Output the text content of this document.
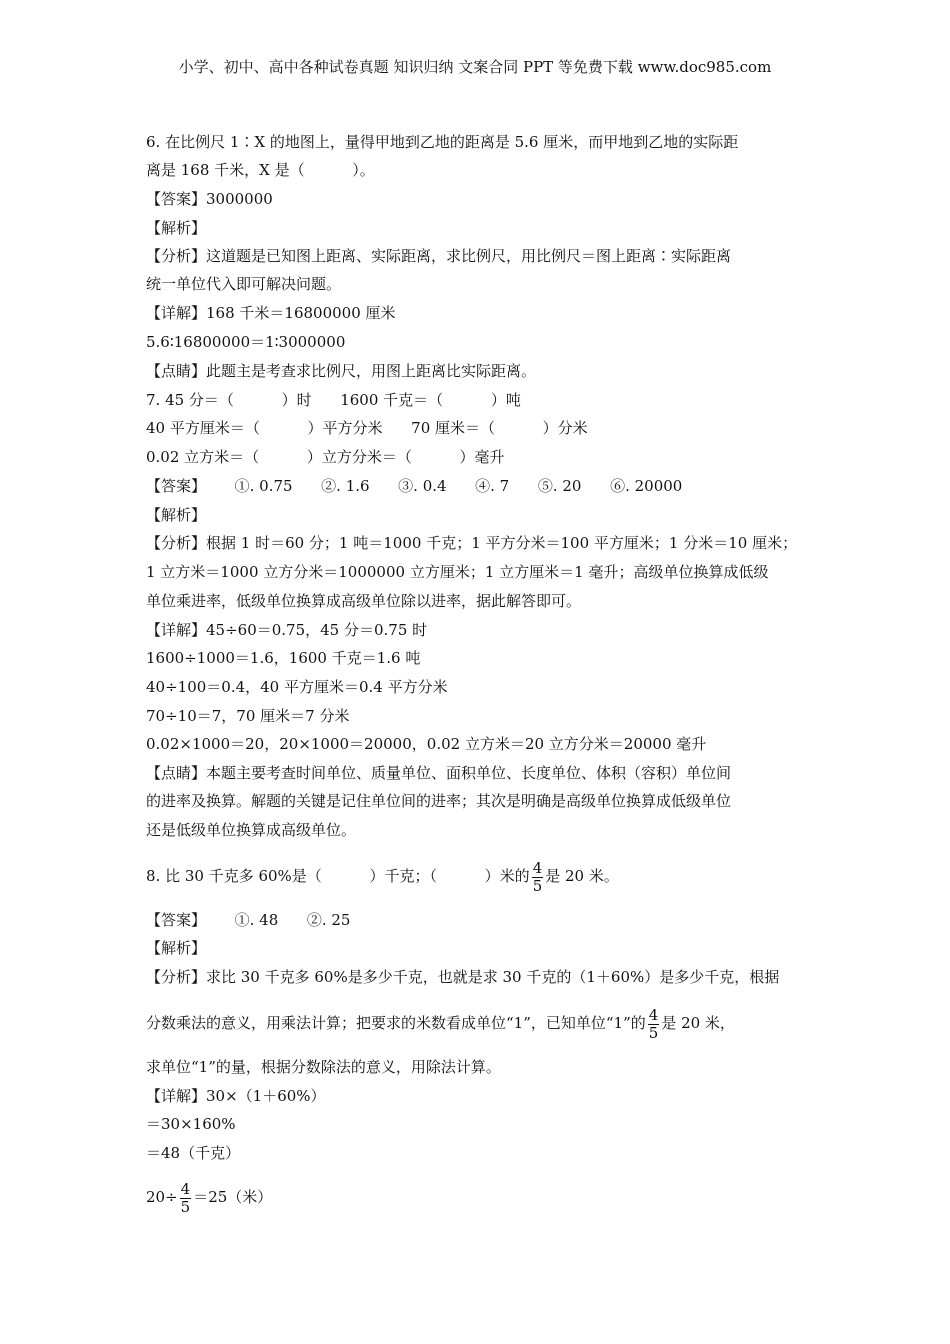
小学、初中、高中各种试卷真题 知识归纳 文案合同 PPT 等免费下载 www.doc985.com

6. 在比例尺 1∶X 的地图上，量得甲地到乙地的距离是 5.6 厘米，而甲地到乙地的实际距

离是 168 千米，X 是（          ）。

【答案】3000000

【解析】

【分析】这道题是已知图上距离、实际距离，求比例尺，用比例尺＝图上距离∶实际距离

统一单位代入即可解决问题。

【详解】168 千米＝16800000 厘米

5.6∶16800000＝1∶3000000

【点睛】此题主是考查求比例尺，用图上距离比实际距离。

7. 45 分＝（          ）时      1600 千克＝（          ）吨

40 平方厘米＝（          ）平方分米      70 厘米＝（          ）分米

0.02 立方米＝（          ）立方分米＝（          ）毫升

【答案】      ①. 0.75      ②. 1.6      ③. 0.4      ④. 7      ⑤. 20      ⑥. 20000

【解析】

【分析】根据 1 时＝60 分；1 吨＝1000 千克；1 平方分米＝100 平方厘米；1 分米＝10 厘米；

1 立方米＝1000 立方分米＝1000000 立方厘米；1 立方厘米＝1 毫升；高级单位换算成低级

单位乘进率，低级单位换算成高级单位除以进率，据此解答即可。

【详解】45÷60＝0.75，45 分＝0.75 时

1600÷1000＝1.6，1600 千克＝1.6 吨

40÷100＝0.4，40 平方厘米＝0.4 平方分米

70÷10＝7，70 厘米＝7 分米

0.02×1000＝20，20×1000＝20000，0.02 立方米＝20 立方分米＝20000 毫升

【点睛】本题主要考查时间单位、质量单位、面积单位、长度单位、体积（容积）单位间

的进率及换算。解题的关键是记住单位间的进率；其次是明确是高级单位换算成低级单位

还是低级单位换算成高级单位。

8. 比 30 千克多 60%是（          ）千克；（          ）米的 $\frac{4}{5}$ 是 20 米。

【答案】      ①. 48      ②. 25

【解析】

【分析】求比 30 千克多 60%是多少千克，也就是求 30 千克的（1＋60%）是多少千克，根据

分数乘法的意义，用乘法计算；把要求的米数看成单位“1”，已知单位“1”的 $\frac{4}{5}$ 是 20 米，

求单位“1”的量，根据分数除法的意义，用除法计算。

【详解】30×（1＋60%）

＝30×160%

＝48（千克）

$20\div \frac{4}{5} =25$（米）
